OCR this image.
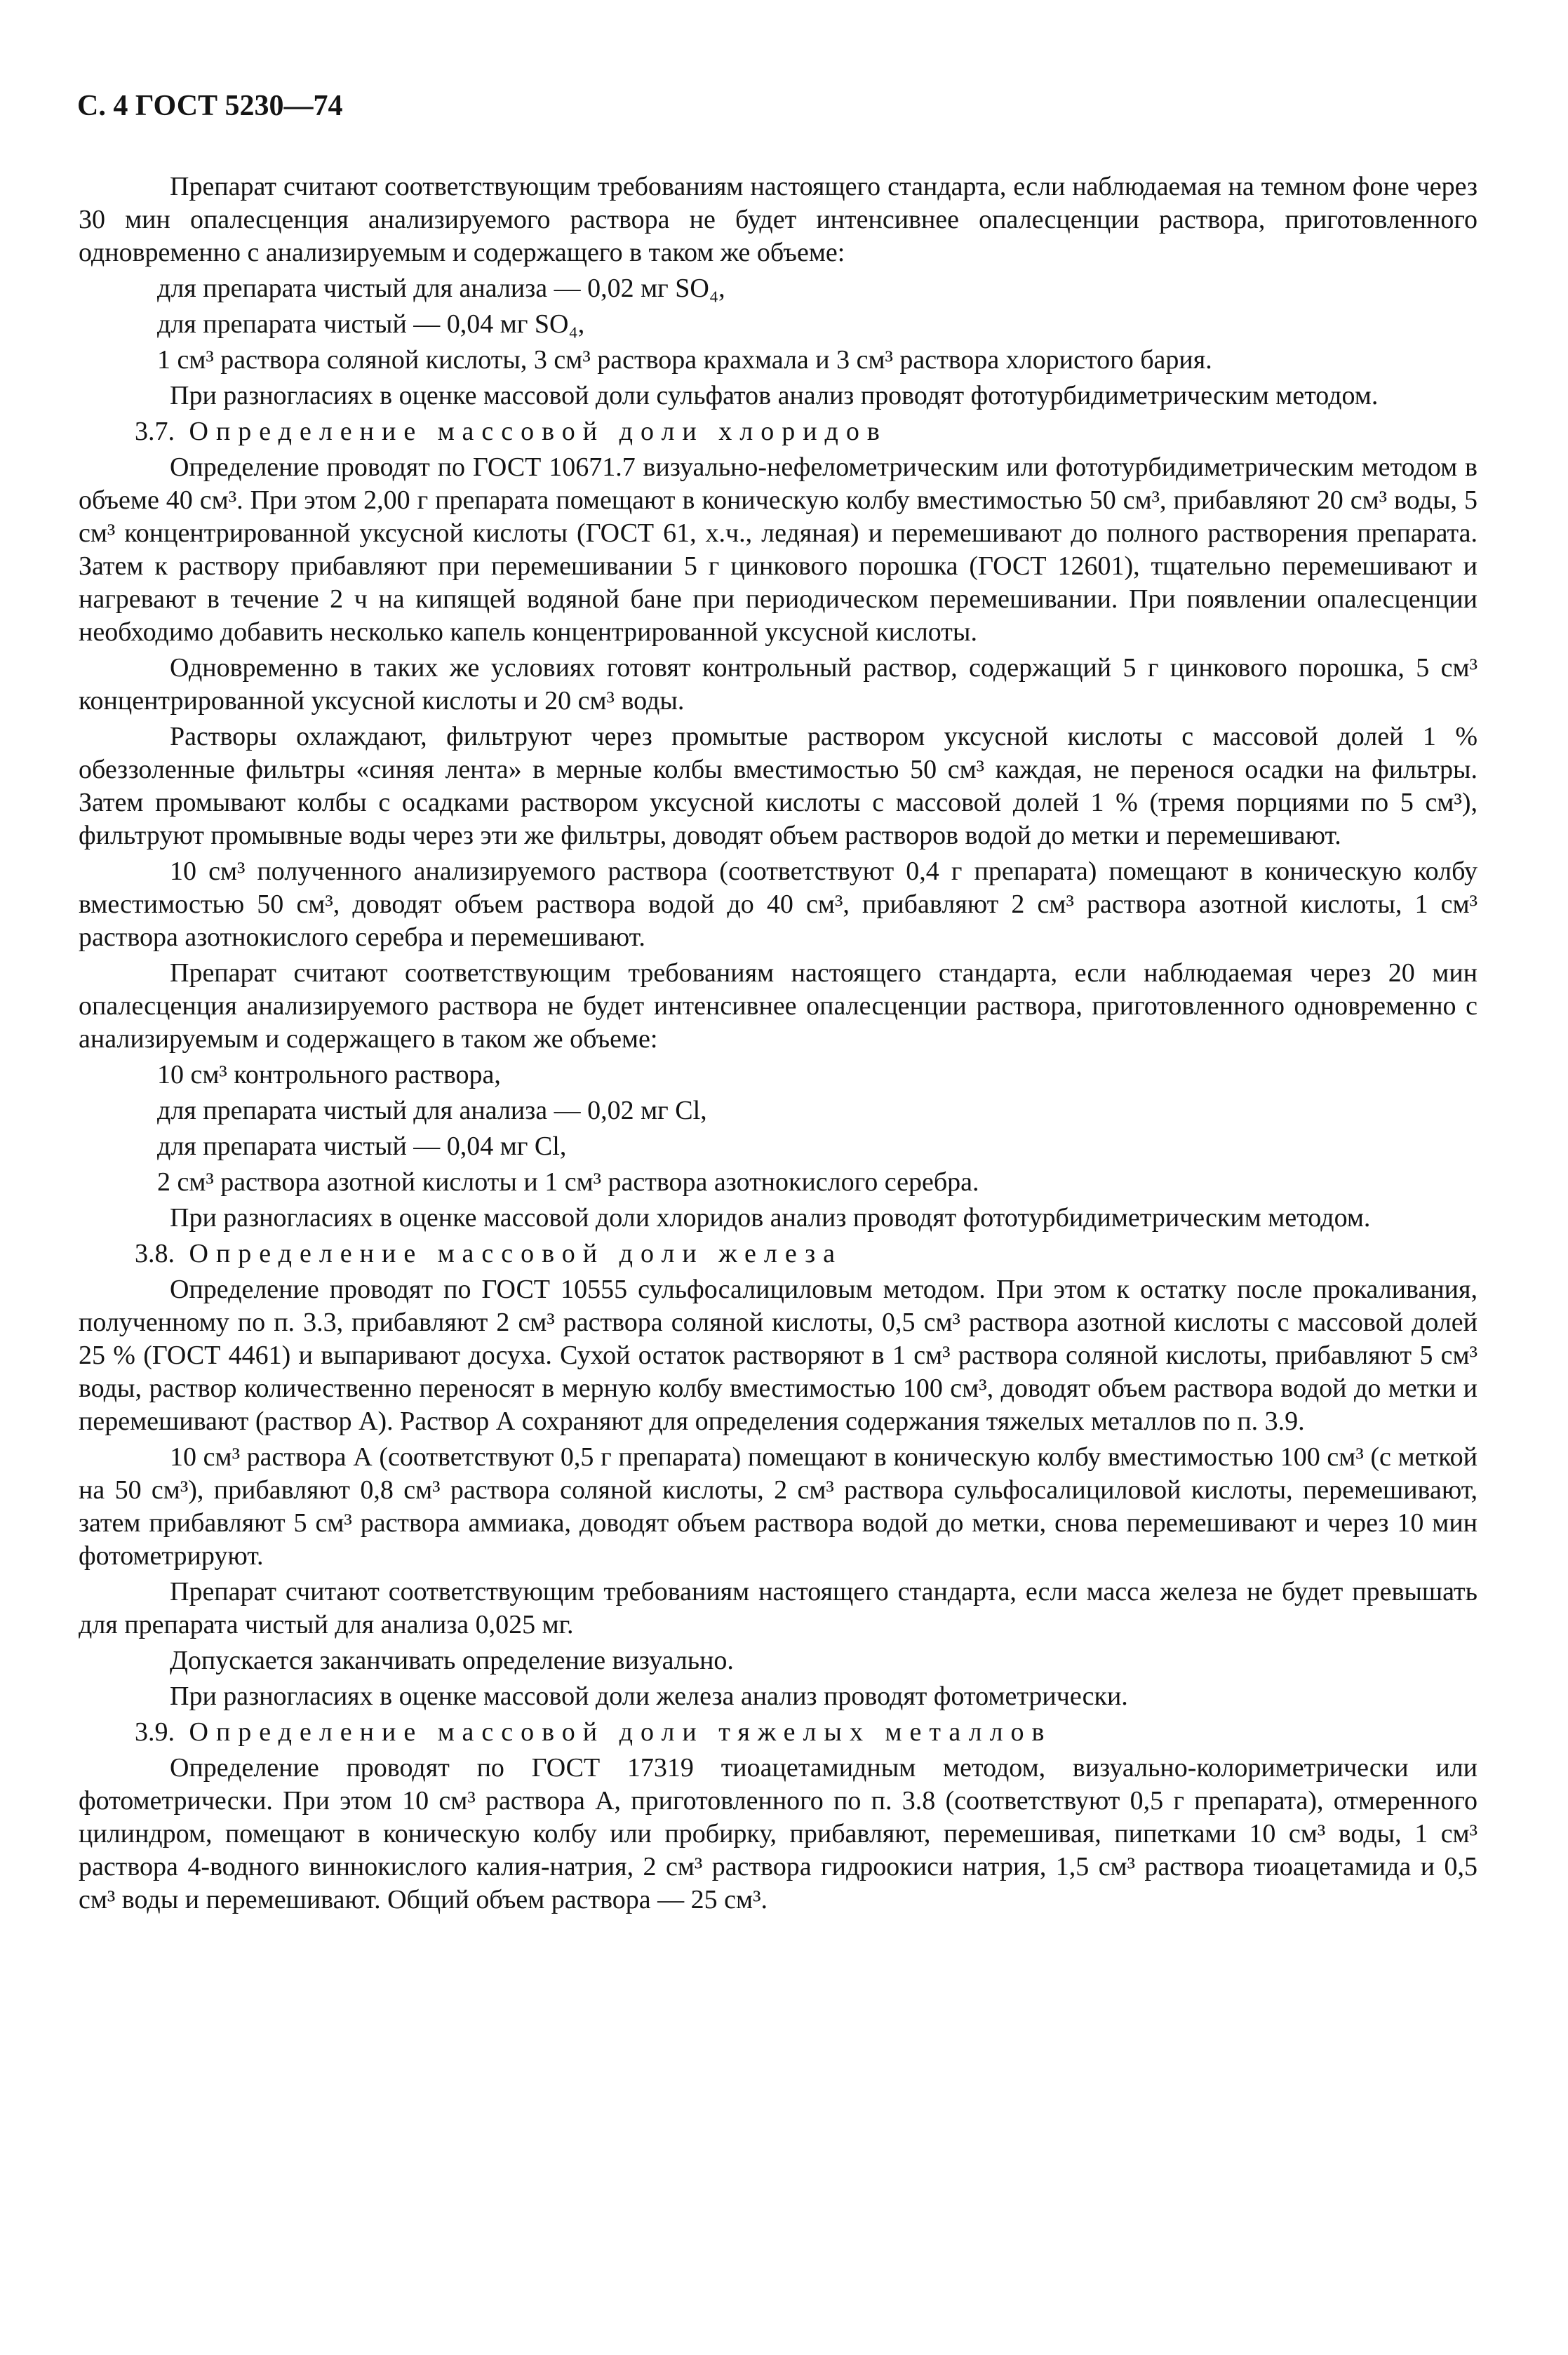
С. 4 ГОСТ 5230—74
Препарат считают соответствующим требованиям настоящего стандарта, если наблюдаемая на темном фоне через 30 мин опалесценция анализируемого раствора не будет интенсивнее опалесценции раствора, приготовленного одновременно с анализируемым и содержащего в таком же объеме:
для препарата чистый для анализа — 0,02 мг SO₄,
для препарата чистый — 0,04 мг SO₄,
1 см³ раствора соляной кислоты, 3 см³ раствора крахмала и 3 см³ раствора хлористого бария.
При разногласиях в оценке массовой доли сульфатов анализ проводят фототурбидиметрическим методом.
3.7. Определение массовой доли хлоридов
Определение проводят по ГОСТ 10671.7 визуально-нефелометрическим или фототурбидиметрическим методом в объеме 40 см³. При этом 2,00 г препарата помещают в коническую колбу вместимостью 50 см³, прибавляют 20 см³ воды, 5 см³ концентрированной уксусной кислоты (ГОСТ 61, х.ч., ледяная) и перемешивают до полного растворения препарата. Затем к раствору прибавляют при перемешивании 5 г цинкового порошка (ГОСТ 12601), тщательно перемешивают и нагревают в течение 2 ч на кипящей водяной бане при периодическом перемешивании. При появлении опалесценции необходимо добавить несколько капель концентрированной уксусной кислоты.
Одновременно в таких же условиях готовят контрольный раствор, содержащий 5 г цинкового порошка, 5 см³ концентрированной уксусной кислоты и 20 см³ воды.
Растворы охлаждают, фильтруют через промытые раствором уксусной кислоты с массовой долей 1 % обеззоленные фильтры «синяя лента» в мерные колбы вместимостью 50 см³ каждая, не перенося осадки на фильтры. Затем промывают колбы с осадками раствором уксусной кислоты с массовой долей 1 % (тремя порциями по 5 см³), фильтруют промывные воды через эти же фильтры, доводят объем растворов водой до метки и перемешивают.
10 см³ полученного анализируемого раствора (соответствуют 0,4 г препарата) помещают в коническую колбу вместимостью 50 см³, доводят объем раствора водой до 40 см³, прибавляют 2 см³ раствора азотной кислоты, 1 см³ раствора азотнокислого серебра и перемешивают.
Препарат считают соответствующим требованиям настоящего стандарта, если наблюдаемая через 20 мин опалесценция анализируемого раствора не будет интенсивнее опалесценции раствора, приготовленного одновременно с анализируемым и содержащего в таком же объеме:
10 см³ контрольного раствора,
для препарата чистый для анализа — 0,02 мг Cl,
для препарата чистый — 0,04 мг Cl,
2 см³ раствора азотной кислоты и 1 см³ раствора азотнокислого серебра.
При разногласиях в оценке массовой доли хлоридов анализ проводят фототурбидиметрическим методом.
3.8. Определение массовой доли железа
Определение проводят по ГОСТ 10555 сульфосалициловым методом. При этом к остатку после прокаливания, полученному по п. 3.3, прибавляют 2 см³ раствора соляной кислоты, 0,5 см³ раствора азотной кислоты с массовой долей 25 % (ГОСТ 4461) и выпаривают досуха. Сухой остаток растворяют в 1 см³ раствора соляной кислоты, прибавляют 5 см³ воды, раствор количественно переносят в мерную колбу вместимостью 100 см³, доводят объем раствора водой до метки и перемешивают (раствор А). Раствор А сохраняют для определения содержания тяжелых металлов по п. 3.9.
10 см³ раствора А (соответствуют 0,5 г препарата) помещают в коническую колбу вместимостью 100 см³ (с меткой на 50 см³), прибавляют 0,8 см³ раствора соляной кислоты, 2 см³ раствора сульфосалициловой кислоты, перемешивают, затем прибавляют 5 см³ раствора аммиака, доводят объем раствора водой до метки, снова перемешивают и через 10 мин фотометрируют.
Препарат считают соответствующим требованиям настоящего стандарта, если масса железа не будет превышать для препарата чистый для анализа 0,025 мг.
Допускается заканчивать определение визуально.
При разногласиях в оценке массовой доли железа анализ проводят фотометрически.
3.9. Определение массовой доли тяжелых металлов
Определение проводят по ГОСТ 17319 тиоацетамидным методом, визуально-колориметрически или фотометрически. При этом 10 см³ раствора А, приготовленного по п. 3.8 (соответствуют 0,5 г препарата), отмеренного цилиндром, помещают в коническую колбу или пробирку, прибавляют, перемешивая, пипетками 10 см³ воды, 1 см³ раствора 4-водного виннокислого калия-натрия, 2 см³ раствора гидроокиси натрия, 1,5 см³ раствора тиоацетамида и 0,5 см³ воды и перемешивают. Общий объем раствора — 25 см³.
